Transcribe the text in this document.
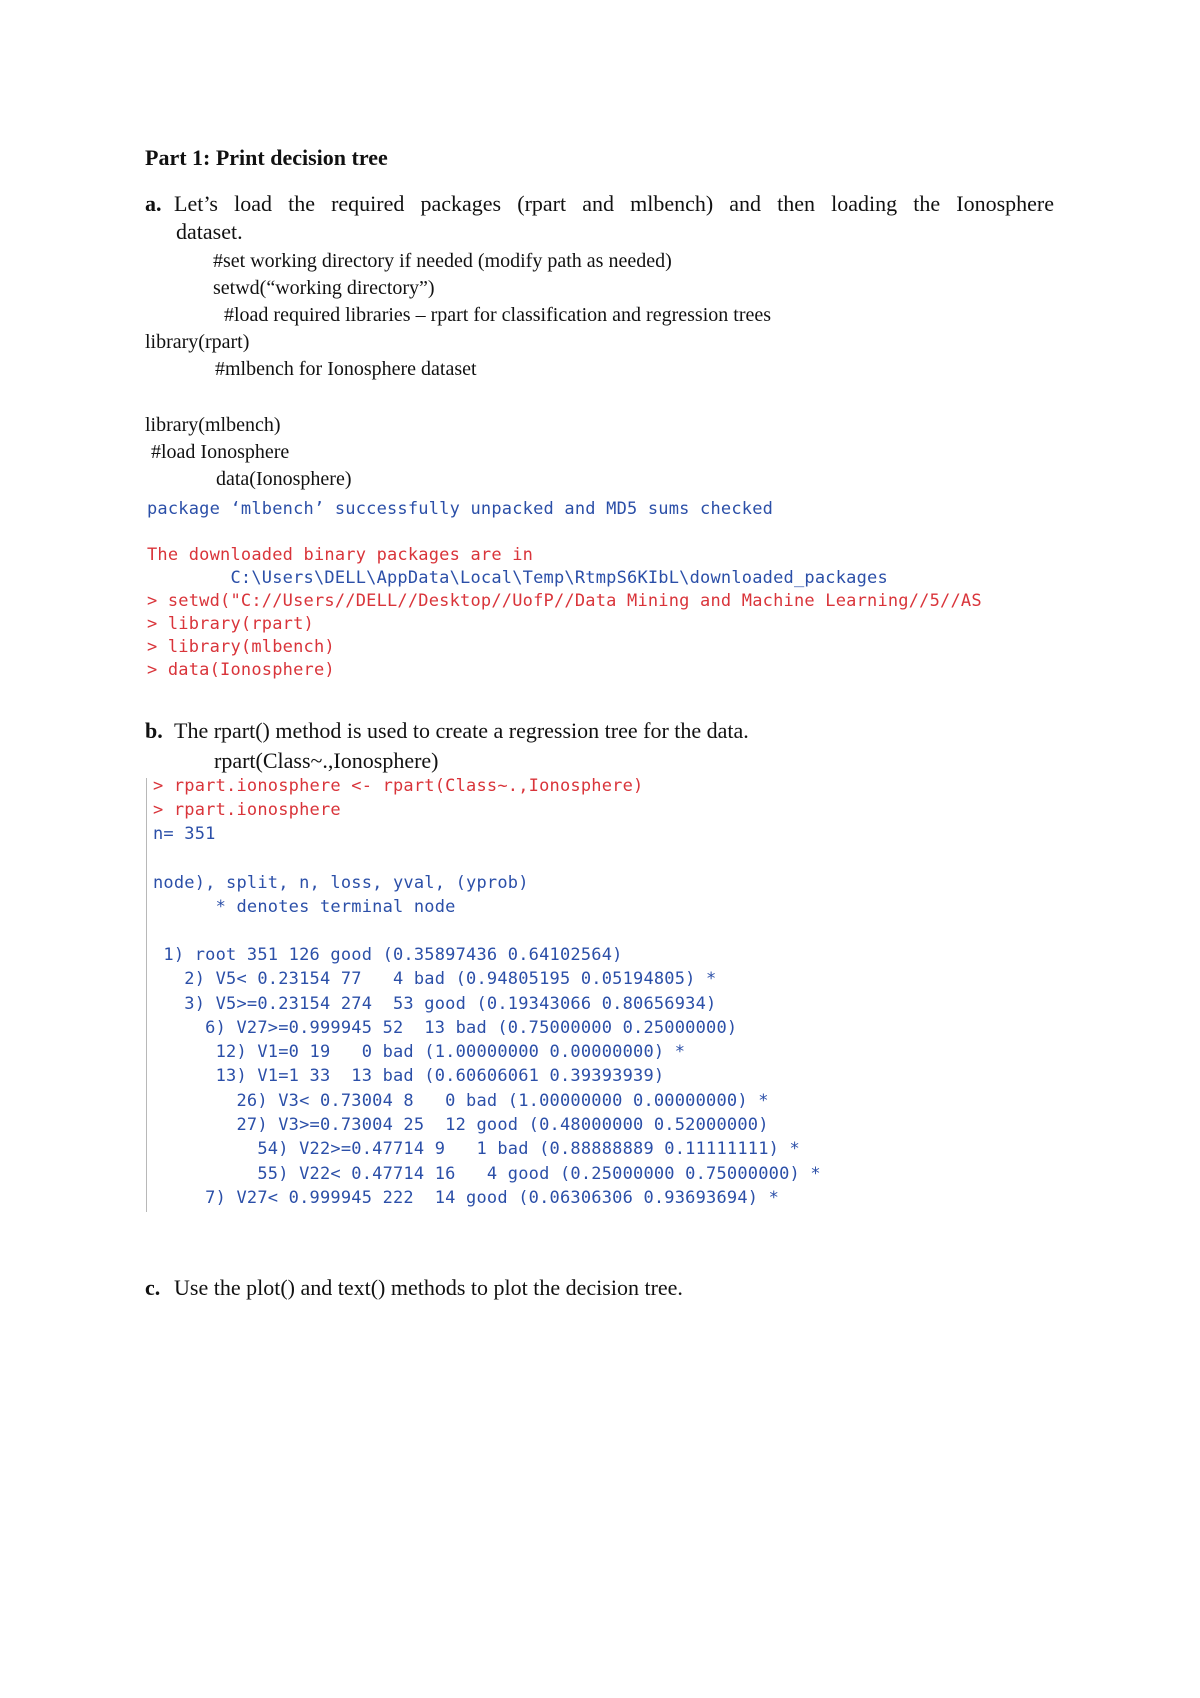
Part 1: Print decision tree
a. Let’s load the required packages (rpart and mlbench) and then loading the Ionosphere
dataset.
#set working directory if needed (modify path as needed)
setwd(“working directory”)
#load required libraries – rpart for classification and regression trees
library(rpart)
#mlbench for Ionosphere dataset
library(mlbench)
#load Ionosphere
data(Ionosphere)
package ‘mlbench’ successfully unpacked and MD5 sums checked
The downloaded binary packages are in
C:\Users\DELL\AppData\Local\Temp\RtmpS6KIbL\downloaded_packages
> setwd("C://Users//DELL//Desktop//UofP//Data Mining and Machine Learning//5//AS
> library(rpart)
> library(mlbench)
> data(Ionosphere)
b. The rpart() method is used to create a regression tree for the data.
rpart(Class~.,Ionosphere)
> rpart.ionosphere <- rpart(Class~.,Ionosphere)
> rpart.ionosphere
n= 351
node), split, n, loss, yval, (yprob)
* denotes terminal node
1) root 351 126 good (0.35897436 0.64102564)
2) V5< 0.23154 77   4 bad (0.94805195 0.05194805) *
3) V5>=0.23154 274  53 good (0.19343066 0.80656934)
6) V27>=0.999945 52  13 bad (0.75000000 0.25000000)
12) V1=0 19   0 bad (1.00000000 0.00000000) *
13) V1=1 33  13 bad (0.60606061 0.39393939)
26) V3< 0.73004 8   0 bad (1.00000000 0.00000000) *
27) V3>=0.73004 25  12 good (0.48000000 0.52000000)
54) V22>=0.47714 9   1 bad (0.88888889 0.11111111) *
55) V22< 0.47714 16   4 good (0.25000000 0.75000000) *
7) V27< 0.999945 222  14 good (0.06306306 0.93693694) *
c. Use the plot() and text() methods to plot the decision tree.
